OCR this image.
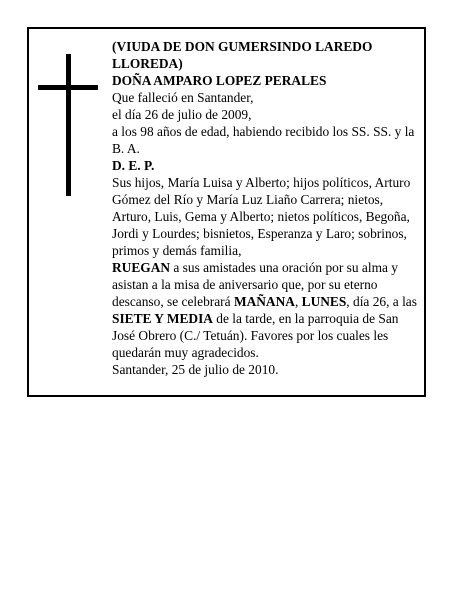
(VIUDA DE DON GUMERSINDO LAREDO LLOREDA)

DOÑA AMPARO LOPEZ PERALES

Que falleció en Santander,

el día 26 de julio de 2009,

a los 98 años de edad, habiendo recibido los SS. SS. y la B. A.

D. E. P.

Sus hijos, María Luisa y Alberto; hijos políticos, Arturo Gómez del Río y María Luz Liaño Carrera; nietos, Arturo, Luis, Gema y Alberto; nietos políticos, Begoña, Jordi y Lourdes; bisnietos, Esperanza y Laro; sobrinos, primos y demás familia,

RUEGAN a sus amistades una oración por su alma y asistan a la misa de aniversario que, por su eterno descanso, se celebrará MAÑANA, LUNES, día 26, a las SIETE Y MEDIA de la tarde, en la parroquia de San José Obrero (C./ Tetuán). Favores por los cuales les quedarán muy agradecidos.

Santander, 25 de julio de 2010.
